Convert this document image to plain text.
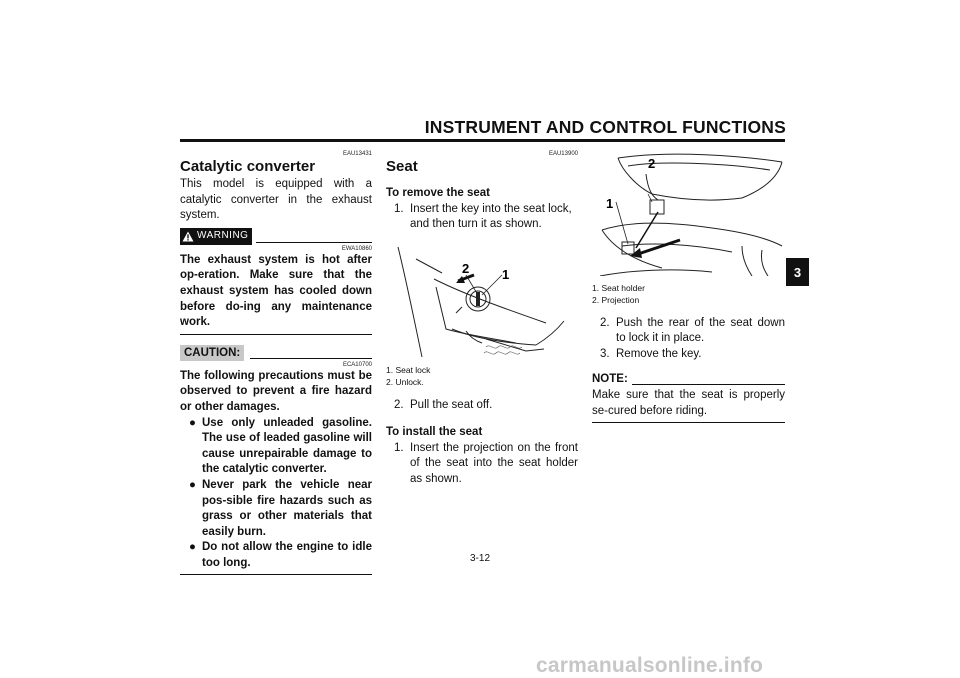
INSTRUMENT AND CONTROL FUNCTIONS
3
EAU13431
Catalytic converter

This model is equipped with a catalytic converter in the exhaust system.

WARNING
EWA10860

The exhaust system is hot after op-eration. Make sure that the exhaust system has cooled down before do-ing any maintenance work.

CAUTION:
ECA10700

The following precautions must be observed to prevent a fire hazard or other damages.

● Use only unleaded gasoline. The use of leaded gasoline will cause unrepairable damage to the catalytic converter.
● Never park the vehicle near pos-sible fire hazards such as grass or other materials that easily burn.
● Do not allow the engine to idle too long.
EAU13900
Seat
To remove the seat
1. Insert the key into the seat lock, and then turn it as shown.
2	1
1. Seat lock
2. Unlock.
2. Pull the seat off.
To install the seat
1. Insert the projection on the front of the seat into the seat holder as shown.
2
1
1. Seat holder
2. Projection
2. Push the rear of the seat down to lock it in place.
3. Remove the key.
NOTE:

Make sure that the seat is properly se-cured before riding.

3-12
carmanualsonline.info
